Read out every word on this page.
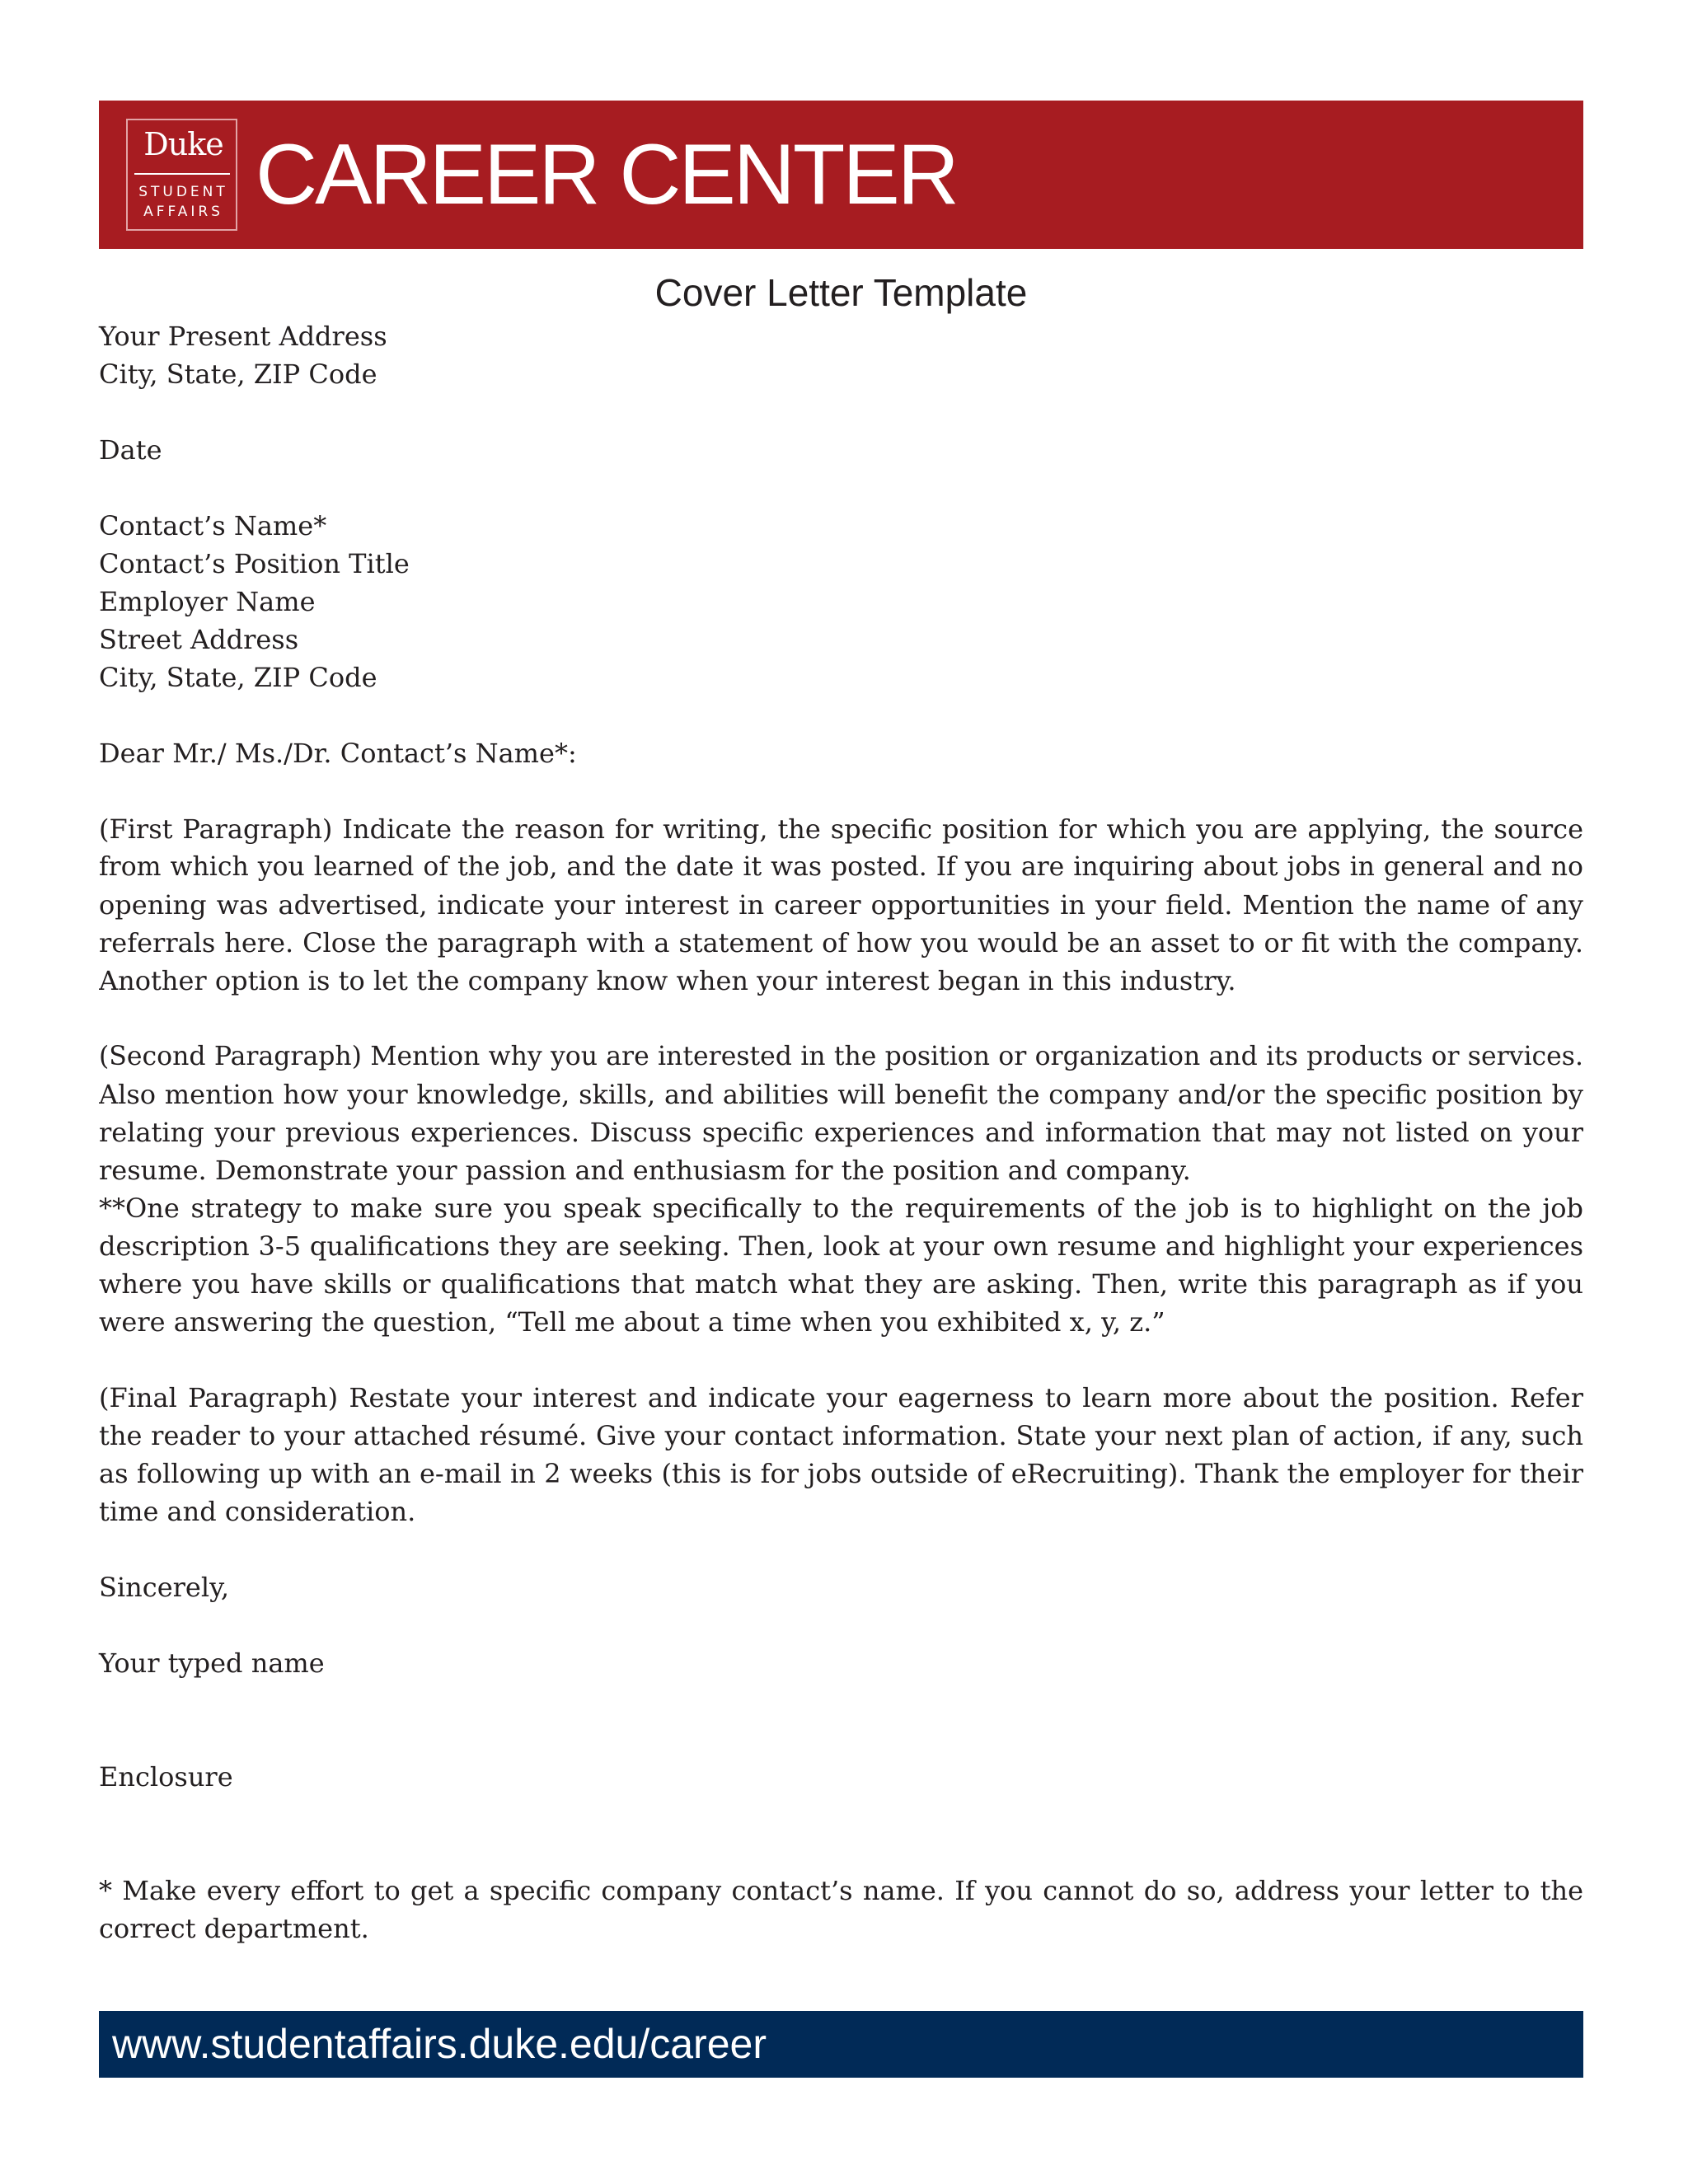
Duke
STUDENT
AFFAIRS CAREER CENTER
Cover Letter Template
Your Present Address
City, State, ZIP Code
Date
Contact’s Name*
Contact’s Position Title
Employer Name
Street Address
City, State, ZIP Code
Dear Mr./ Ms./Dr. Contact’s Name*:
(First Paragraph) Indicate the reason for writing, the specific position for which you are applying, the source
from which you learned of the job, and the date it was posted. If you are inquiring about jobs in general and no
opening was advertised, indicate your interest in career opportunities in your field. Mention the name of any
referrals here. Close the paragraph with a statement of how you would be an asset to or fit with the company.
Another option is to let the company know when your interest began in this industry.
(Second Paragraph) Mention why you are interested in the position or organization and its products or services.
Also mention how your knowledge, skills, and abilities will benefit the company and/or the specific position by
relating your previous experiences. Discuss specific experiences and information that may not listed on your
resume. Demonstrate your passion and enthusiasm for the position and company.
**One strategy to make sure you speak specifically to the requirements of the job is to highlight on the job
description 3-5 qualifications they are seeking. Then, look at your own resume and highlight your experiences
where you have skills or qualifications that match what they are asking. Then, write this paragraph as if you
were answering the question, “Tell me about a time when you exhibited x, y, z.”
(Final Paragraph) Restate your interest and indicate your eagerness to learn more about the position. Refer
the reader to your attached résumé. Give your contact information. State your next plan of action, if any, such
as following up with an e-mail in 2 weeks (this is for jobs outside of eRecruiting). Thank the employer for their
time and consideration.
Sincerely,
Your typed name
Enclosure
* Make every effort to get a specific company contact’s name. If you cannot do so, address your letter to the
correct department.
www.studentaffairs.duke.edu/career
